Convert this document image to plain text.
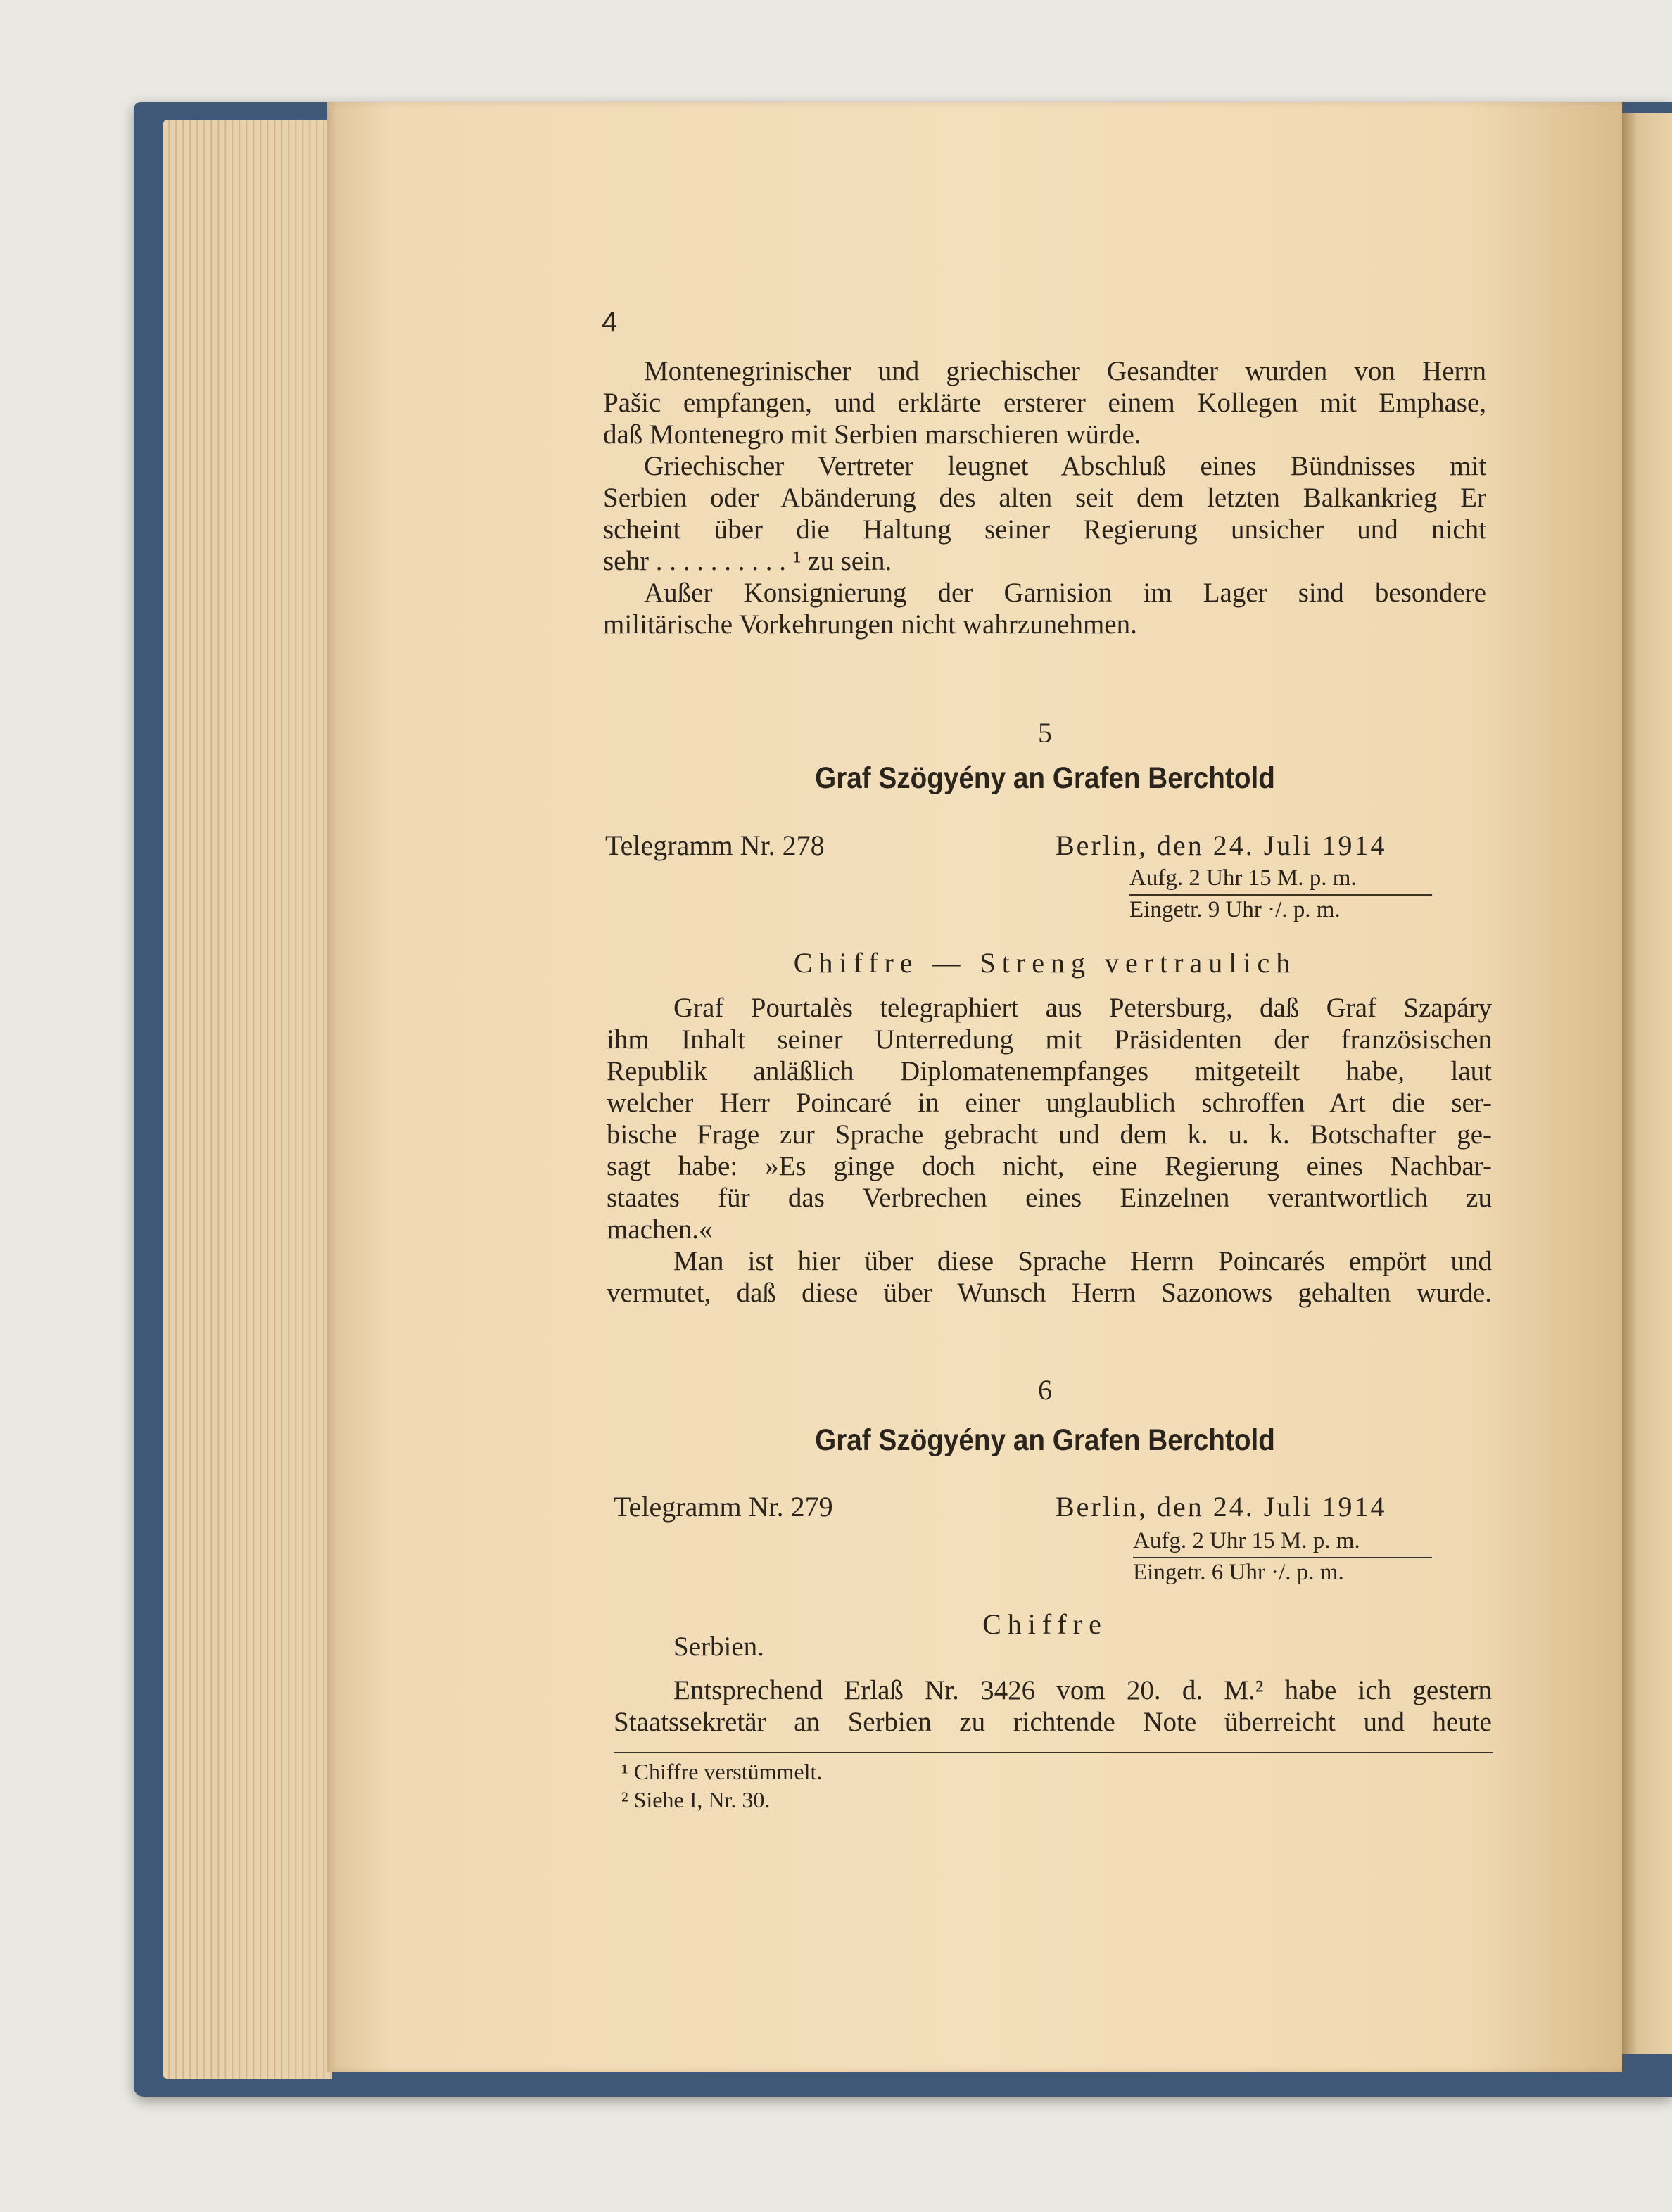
4
Montenegrinischer und griechischer Gesandter wurden von Herrn
Pašic empfangen, und erklärte ersterer einem Kollegen mit Emphase,
daß Montenegro mit Serbien marschieren würde.
Griechischer Vertreter leugnet Abschluß eines Bündnisses mit
Serbien oder Abänderung des alten seit dem letzten Balkankrieg Er
scheint über die Haltung seiner Regierung unsicher und nicht
sehr . . . . . . . . . . ¹ zu sein.
Außer Konsignierung der Garnision im Lager sind besondere
militärische Vorkehrungen nicht wahrzunehmen.
5
Graf Szögyény an Grafen Berchtold
Telegramm Nr. 278	Berlin, den 24. Juli 1914
Aufg. 2 Uhr 15 M. p. m.
Eingetr. 9 Uhr ·/. p. m.
Chiffre — Streng vertraulich
Graf Pourtalès telegraphiert aus Petersburg, daß Graf Szapáry
ihm Inhalt seiner Unterredung mit Präsidenten der französischen
Republik anläßlich Diplomatenempfanges mitgeteilt habe, laut
welcher Herr Poincaré in einer unglaublich schroffen Art die ser-
bische Frage zur Sprache gebracht und dem k. u. k. Botschafter ge-
sagt habe: »Es ginge doch nicht, eine Regierung eines Nachbar-
staates für das Verbrechen eines Einzelnen verantwortlich zu
machen.«
Man ist hier über diese Sprache Herrn Poincarés empört und
vermutet, daß diese über Wunsch Herrn Sazonows gehalten wurde.
6
Graf Szögyény an Grafen Berchtold
Telegramm Nr. 279	Berlin, den 24. Juli 1914
Aufg. 2 Uhr 15 M. p. m.
Eingetr. 6 Uhr ·/. p. m.
Chiffre
Serbien.
Entsprechend Erlaß Nr. 3426 vom 20. d. M.² habe ich gestern
Staatssekretär an Serbien zu richtende Note überreicht und heute
¹ Chiffre verstümmelt.
² Siehe I, Nr. 30.
